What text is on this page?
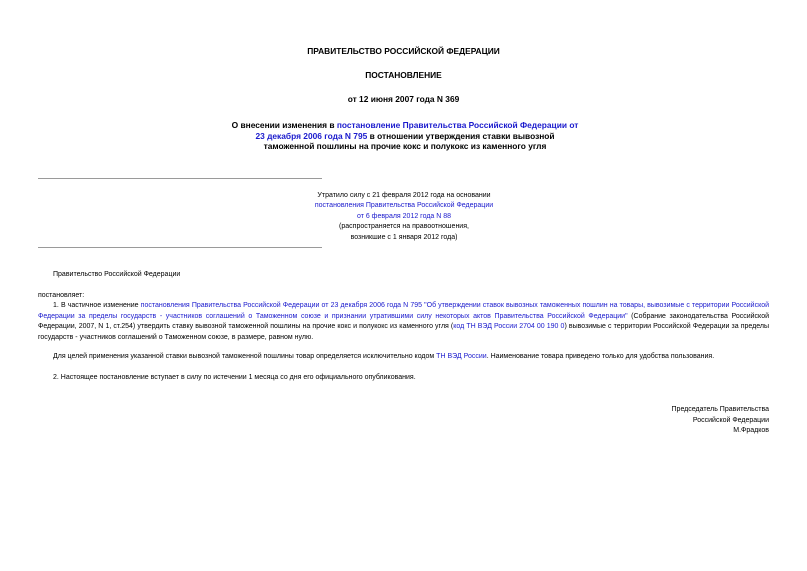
ПРАВИТЕЛЬСТВО РОССИЙСКОЙ ФЕДЕРАЦИИ
ПОСТАНОВЛЕНИЕ
от 12 июня 2007 года N 369
О внесении изменения в постановление Правительства Российской Федерации от 23 декабря 2006 года N 795 в отношении утверждения ставки вывозной таможенной пошлины на прочие кокс и полукокс из каменного угля
Утратило силу с 21 февраля 2012 года на основании
постановления Правительства Российской Федерации
от 6 февраля 2012 года N 88
(распространяется на правоотношения,
возникшие с 1 января 2012 года)
Правительство Российской Федерации
постановляет:
1. В частичное изменение постановления Правительства Российской Федерации от 23 декабря 2006 года N 795 "Об утверждении ставок вывозных таможенных пошлин на товары, вывозимые с территории Российской Федерации за пределы государств - участников соглашений о Таможенном союзе и признании утратившими силу некоторых актов Правительства Российской Федерации" (Собрание законодательства Российской Федерации, 2007, N 1, ст.254) утвердить ставку вывозной таможенной пошлины на прочие кокс и полукокс из каменного угля (код ТН ВЭД России 2704 00 190 0) вывозимые с территории Российской Федерации за пределы государств - участников соглашений о Таможенном союзе, в размере, равном нулю.
Для целей применения указанной ставки вывозной таможенной пошлины товар определяется исключительно кодом ТН ВЭД России. Наименование товара приведено только для удобства пользования.
2. Настоящее постановление вступает в силу по истечении 1 месяца со дня его официального опубликования.
Председатель Правительства
Российской Федерации
М.Фрадков
